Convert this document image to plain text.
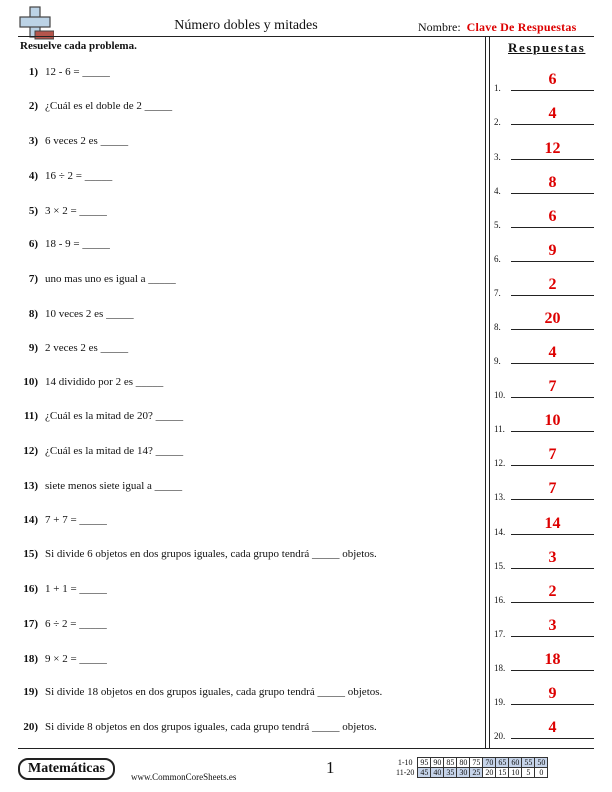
Número dobles y mitades	Nombre: Clave De Respuestas
Resuelve cada problema.
1) 12 - 6 = _____
2) ¿Cuál es el doble de 2 _____
3) 6 veces 2 es _____
4) 16 ÷ 2 = _____
5) 3 × 2 = _____
6) 18 - 9 = _____
7) uno mas uno es igual a _____
8) 10 veces 2 es _____
9) 2 veces 2 es _____
10) 14 dividido por 2 es _____
11) ¿Cuál es la mitad de 20? _____
12) ¿Cuál es la mitad de 14? _____
13) siete menos siete igual a _____
14) 7 + 7 = _____
15) Si divide 6 objetos en dos grupos iguales, cada grupo tendrá _____ objetos.
16) 1 + 1 = _____
17) 6 ÷ 2 = _____
18) 9 × 2 = _____
19) Si divide 18 objetos en dos grupos iguales, cada grupo tendrá _____ objetos.
20) Si divide 8 objetos en dos grupos iguales, cada grupo tendrá _____ objetos.
Respuestas
1.	6
2.	4
3.	12
4.	8
5.	6
6.	9
7.	2
8.	20
9.	4
10.	7
11.	10
12.	7
13.	7
14.	14
15.	3
16.	2
17.	3
18.	18
19.	9
20.	4
Matemáticas
www.CommonCoreSheets.es	1	1-10	95	90	85	80	75	70	65	60	55	50
11-20	45	40	35	30	25	20	15	10	5	0
